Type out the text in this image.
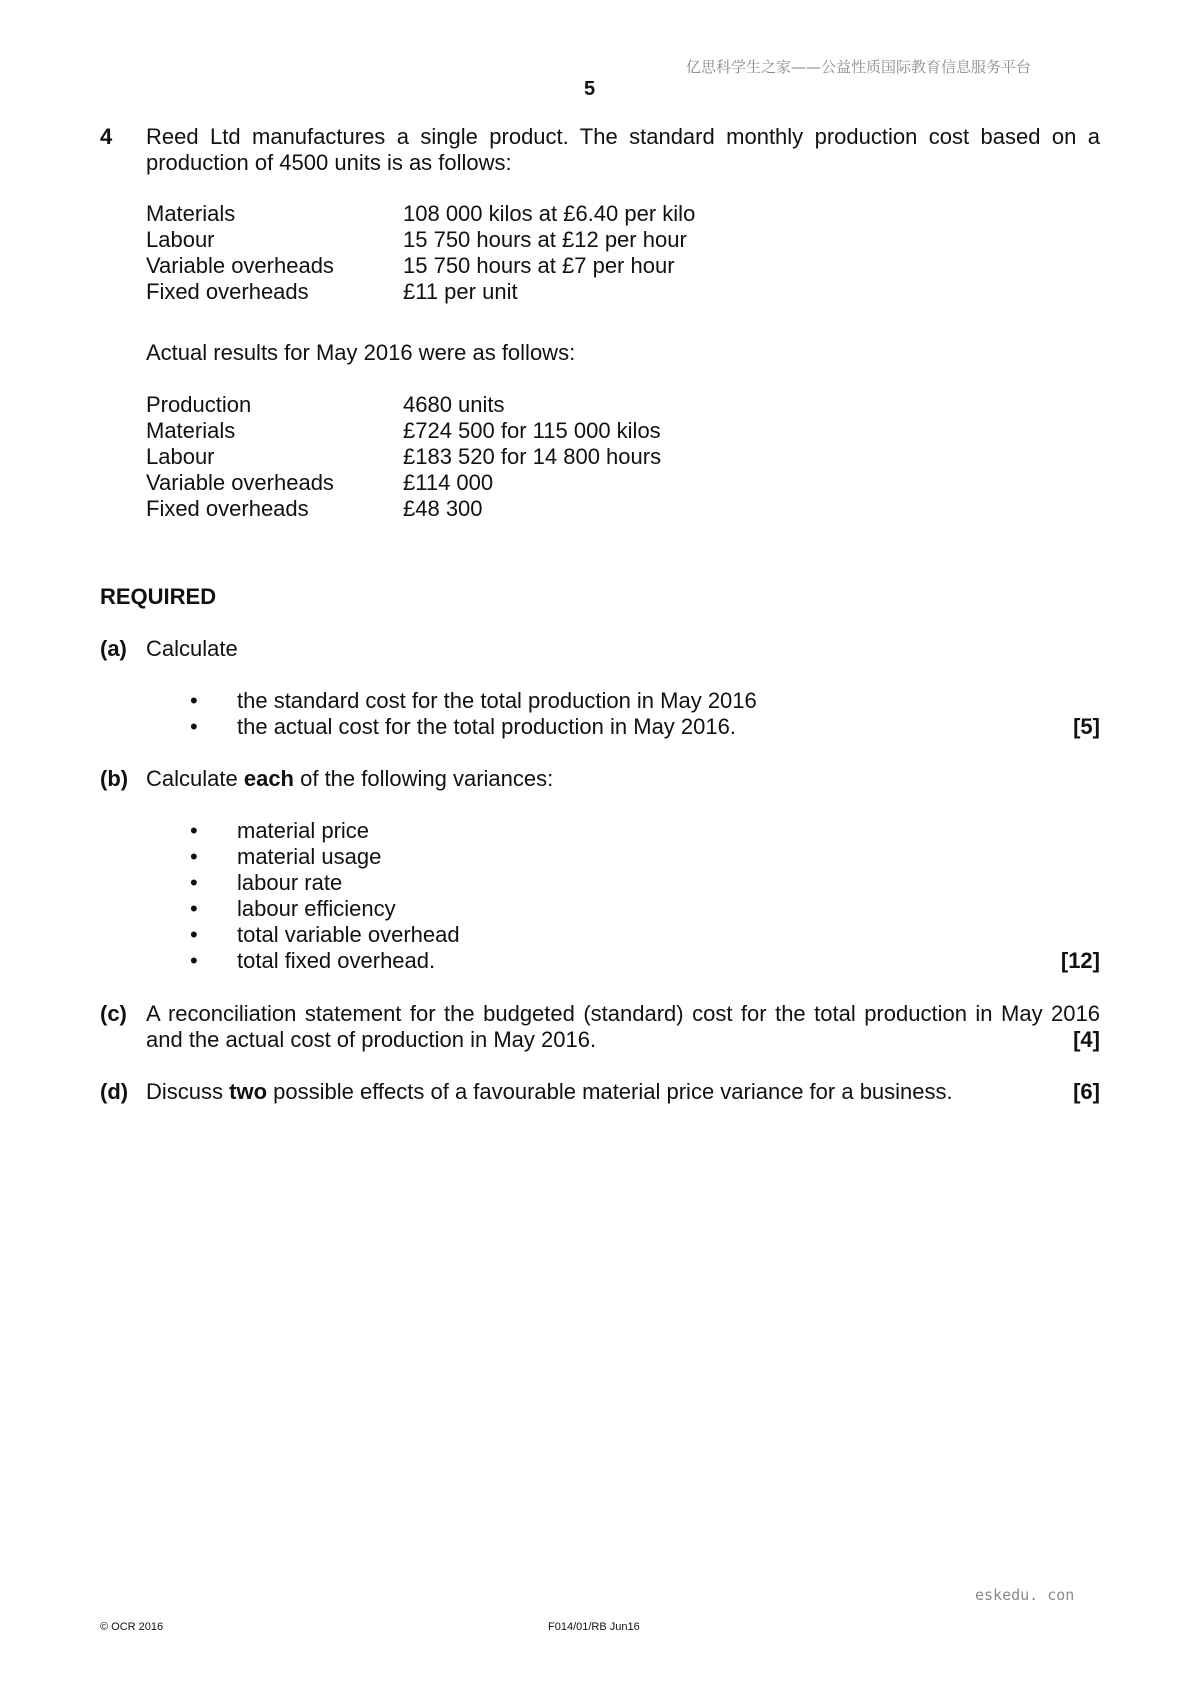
亿思科学生之家——公益性质国际教育信息服务平台
5
4 Reed Ltd manufactures a single product. The standard monthly production cost based on a production of 4500 units is as follows:
Materials	108 000 kilos at £6.40 per kilo
Labour	15 750 hours at £12 per hour
Variable overheads	15 750 hours at £7 per hour
Fixed overheads	£11 per unit
Actual results for May 2016 were as follows:
Production	4680 units
Materials	£724 500 for 115 000 kilos
Labour	£183 520 for 14 800 hours
Variable overheads	£114 000
Fixed overheads	£48 300
REQUIRED
(a) Calculate
• the standard cost for the total production in May 2016
• the actual cost for the total production in May 2016.	[5]
(b) Calculate each of the following variances:
• material price
• material usage
• labour rate
• labour efficiency
• total variable overhead
• total fixed overhead.	[12]
(c) A reconciliation statement for the budgeted (standard) cost for the total production in May 2016
and the actual cost of production in May 2016.	[4]
(d) Discuss two possible effects of a favourable material price variance for a business.	[6]
eskedu. con
© OCR 2016	F014/01/RB Jun16
